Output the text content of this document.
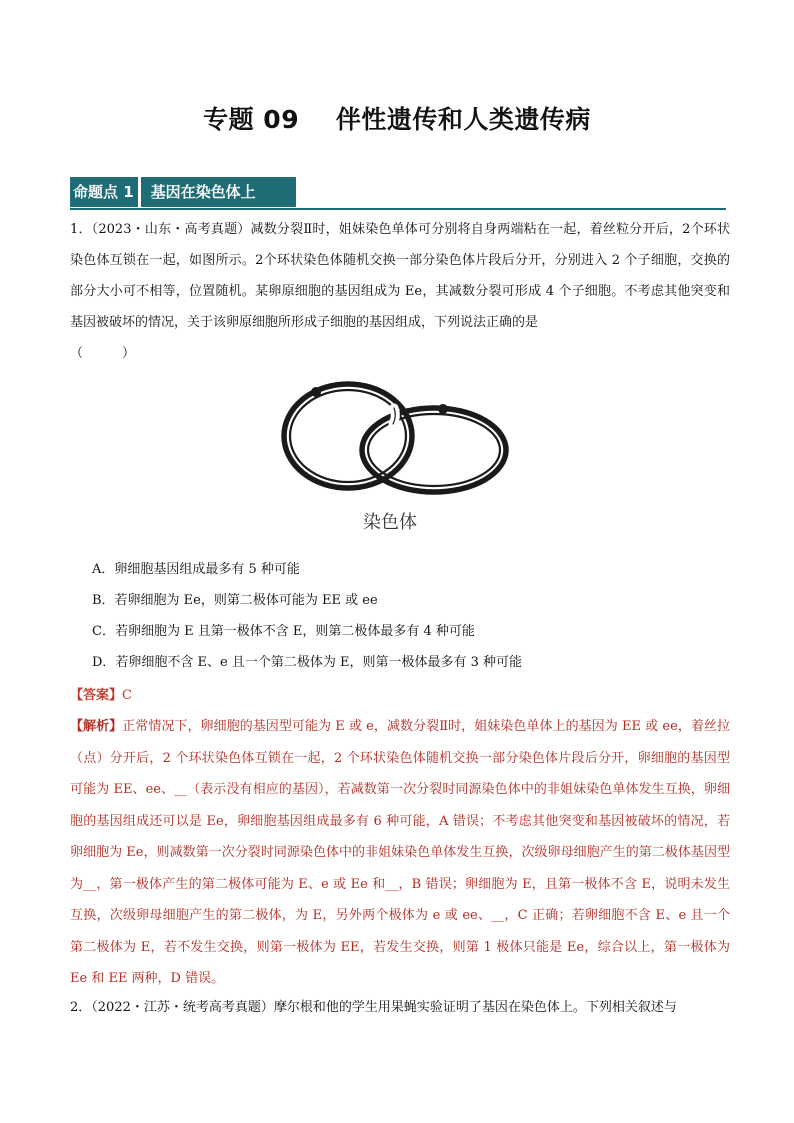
专题 09    伴性遗传和人类遗传病
命题点 1	基因在染色体上
1．（2023・山东・高考真题）减数分裂Ⅱ时，姐妹染色单体可分别将自身两端粘在一起，着丝粒分开后，2个环状染色体互锁在一起，如图所示。2个环状染色体随机交换一部分染色体片段后分开，分别进入 2 个子细胞，交换的部分大小可不相等，位置随机。某卵原细胞的基因组成为 Ee，其减数分裂可形成 4 个子细胞。不考虑其他突变和基因被破坏的情况，关于该卵原细胞所形成子细胞的基因组成，下列说法正确的是
（　　　）
染色体
A．卵细胞基因组成最多有 5 种可能
B．若卵细胞为 Ee，则第二极体可能为 EE 或 ee
C．若卵细胞为 E 且第一极体不含 E，则第二极体最多有 4 种可能
D．若卵细胞不含 E、e 且一个第二极体为 E，则第一极体最多有 3 种可能
【答案】C
【解析】正常情况下，卵细胞的基因型可能为 E 或 e，减数分裂Ⅱ时，姐妹染色单体上的基因为 EE 或 ee，着丝拉（点）分开后，2 个环状染色体互锁在一起，2 个环状染色体随机交换一部分染色体片段后分开，卵细胞的基因型可能为 EE、ee、__（表示没有相应的基因），若减数第一次分裂时同源染色体中的非姐妹染色单体发生互换，卵细胞的基因组成还可以是 Ee，卵细胞基因组成最多有 6 种可能，A 错误；不考虑其他突变和基因被破坏的情况，若卵细胞为 Ee，则减数第一次分裂时同源染色体中的非姐妹染色单体发生互换，次级卵母细胞产生的第二极体基因型为__，第一极体产生的第二极体可能为 E、e 或 Ee 和__，B 错误；卵细胞为 E，且第一极体不含 E，说明未发生互换，次级卵母细胞产生的第二极体，为 E，另外两个极体为 e 或 ee、__，C 正确；若卵细胞不含 E、e 且一个第二极体为 E，若不发生交换，则第一极体为 EE，若发生交换，则第 1 极体只能是 Ee，综合以上，第一极体为 Ee 和 EE 两种，D 错误。
2．（2022・江苏・统考高考真题）摩尔根和他的学生用果蝇实验证明了基因在染色体上。下列相关叙述与
